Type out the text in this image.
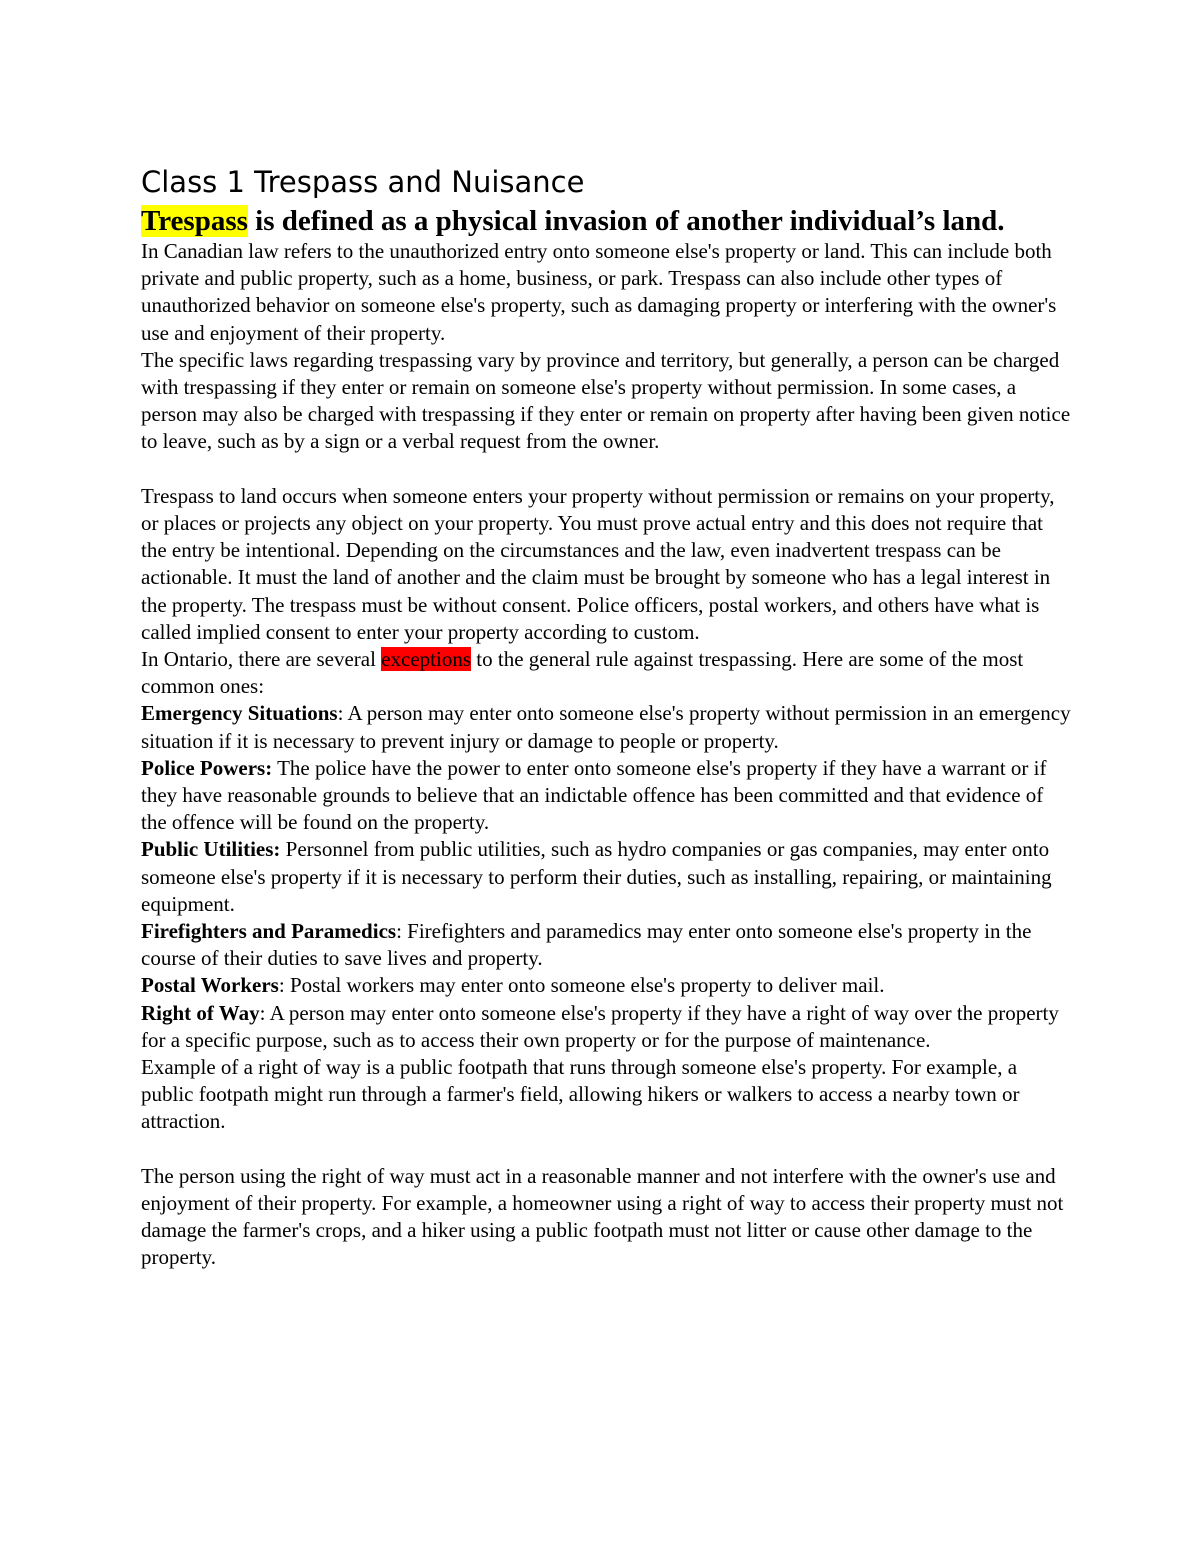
Class 1 Trespass and Nuisance
Trespass is defined as a physical invasion of another individual’s land.

In Canadian law refers to the unauthorized entry onto someone else's property or land. This can include both private and public property, such as a home, business, or park. Trespass can also include other types of unauthorized behavior on someone else's property, such as damaging property or interfering with the owner's use and enjoyment of their property.

The specific laws regarding trespassing vary by province and territory, but generally, a person can be charged with trespassing if they enter or remain on someone else's property without permission. In some cases, a person may also be charged with trespassing if they enter or remain on property after having been given notice to leave, such as by a sign or a verbal request from the owner.

Trespass to land occurs when someone enters your property without permission or remains on your property, or places or projects any object on your property. You must prove actual entry and this does not require that the entry be intentional. Depending on the circumstances and the law, even inadvertent trespass can be actionable. It must the land of another and the claim must be brought by someone who has a legal interest in the property. The trespass must be without consent. Police officers, postal workers, and others have what is called implied consent to enter your property according to custom.

In Ontario, there are several exceptions to the general rule against trespassing. Here are some of the most common ones:

Emergency Situations: A person may enter onto someone else's property without permission in an emergency situation if it is necessary to prevent injury or damage to people or property.

Police Powers: The police have the power to enter onto someone else's property if they have a warrant or if they have reasonable grounds to believe that an indictable offence has been committed and that evidence of the offence will be found on the property.

Public Utilities: Personnel from public utilities, such as hydro companies or gas companies, may enter onto someone else's property if it is necessary to perform their duties, such as installing, repairing, or maintaining equipment.

Firefighters and Paramedics: Firefighters and paramedics may enter onto someone else's property in the course of their duties to save lives and property.

Postal Workers: Postal workers may enter onto someone else's property to deliver mail.

Right of Way: A person may enter onto someone else's property if they have a right of way over the property for a specific purpose, such as to access their own property or for the purpose of maintenance.

Example of a right of way is a public footpath that runs through someone else's property. For example, a public footpath might run through a farmer's field, allowing hikers or walkers to access a nearby town or attraction.

The person using the right of way must act in a reasonable manner and not interfere with the owner's use and enjoyment of their property. For example, a homeowner using a right of way to access their property must not damage the farmer's crops, and a hiker using a public footpath must not litter or cause other damage to the property.
